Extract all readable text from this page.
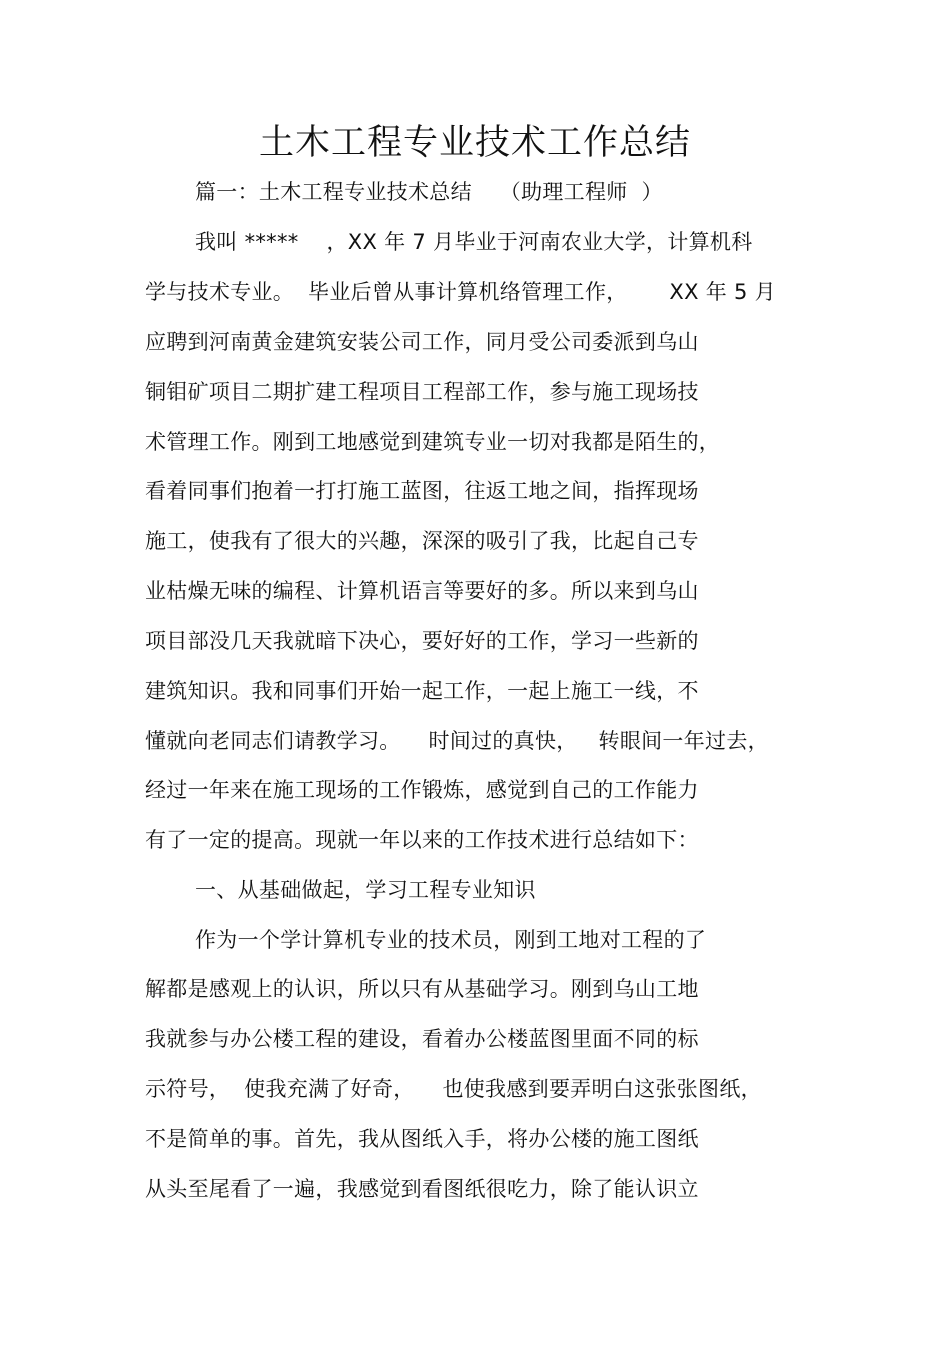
土木工程专业技术工作总结
篇一：土木工程专业技术总结    （助理工程师  ）
我叫 *****    ，XX 年 7 月毕业于河南农业大学，计算机科
学与技术专业。  毕业后曾从事计算机络管理工作，      XX 年 5 月
应聘到河南黄金建筑安装公司工作，同月受公司委派到乌山
铜钼矿项目二期扩建工程项目工程部工作，参与施工现场技
术管理工作。刚到工地感觉到建筑专业一切对我都是陌生的，
看着同事们抱着一打打施工蓝图，往返工地之间，指挥现场
施工，使我有了很大的兴趣，深深的吸引了我，比起自己专
业枯燥无味的编程、计算机语言等要好的多。所以来到乌山
项目部没几天我就暗下决心，要好好的工作，学习一些新的
建筑知识。我和同事们开始一起工作，一起上施工一线，不
懂就向老同志们请教学习。    时间过的真快，   转眼间一年过去，
经过一年来在施工现场的工作锻炼，感觉到自己的工作能力
有了一定的提高。现就一年以来的工作技术进行总结如下：
一、从基础做起，学习工程专业知识
作为一个学计算机专业的技术员，刚到工地对工程的了
解都是感观上的认识，所以只有从基础学习。刚到乌山工地
我就参与办公楼工程的建设，看着办公楼蓝图里面不同的标
示符号，  使我充满了好奇，    也使我感到要弄明白这张张图纸，
不是简单的事。首先，我从图纸入手，将办公楼的施工图纸
从头至尾看了一遍，我感觉到看图纸很吃力，除了能认识立
